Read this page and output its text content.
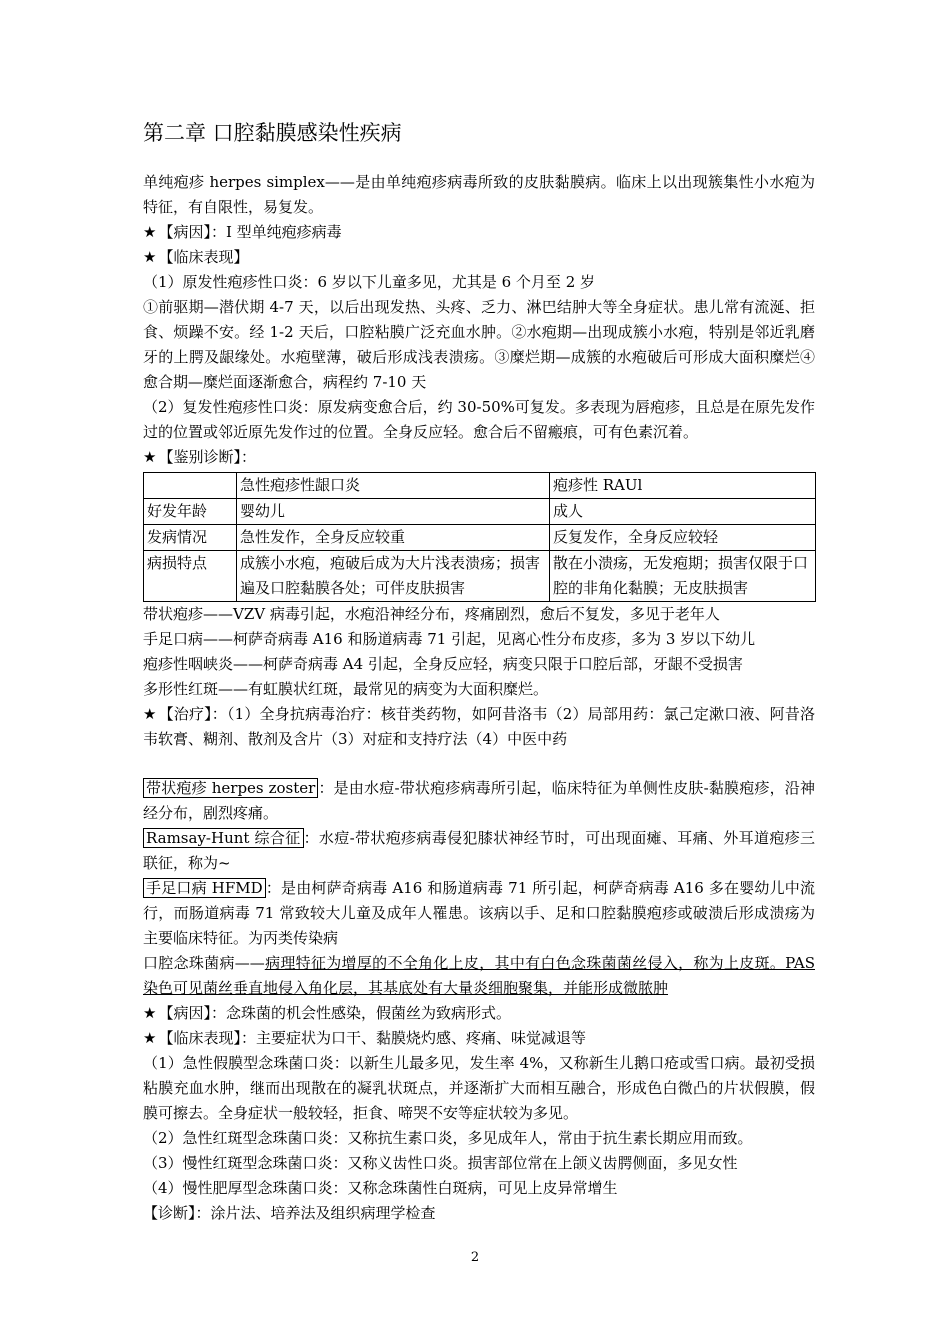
第二章 口腔黏膜感染性疾病

单纯疱疹 herpes simplex——是由单纯疱疹病毒所致的皮肤黏膜病。临床上以出现簇集性小水疱为特征，有自限性，易复发。

★ 【病因】：I 型单纯疱疹病毒

★ 【临床表现】

（1）原发性疱疹性口炎：6 岁以下儿童多见，尤其是 6 个月至 2 岁

①前驱期—潜伏期 4-7 天，以后出现发热、头疼、乏力、淋巴结肿大等全身症状。患儿常有流涎、拒食、烦躁不安。经 1-2 天后，口腔粘膜广泛充血水肿。②水疱期—出现成簇小水疱，特别是邻近乳磨牙的上腭及龈缘处。水疱壁薄，破后形成浅表溃疡。③糜烂期—成簇的水疱破后可形成大面积糜烂④愈合期—糜烂面逐渐愈合，病程约 7-10 天

（2）复发性疱疹性口炎：原发病变愈合后，约 30-50%可复发。多表现为唇疱疹，且总是在原先发作过的位置或邻近原先发作过的位置。全身反应轻。愈合后不留瘢痕，可有色素沉着。

★ 【鉴别诊断】：

	急性疱疹性龈口炎	疱疹性 RAUl
好发年龄	婴幼儿	成人
发病情况	急性发作，全身反应较重	反复发作，全身反应较轻
病损特点	成簇小水疱，疱破后成为大片浅表溃疡；损害遍及口腔黏膜各处；可伴皮肤损害	散在小溃疡，无发疱期；损害仅限于口腔的非角化黏膜；无皮肤损害

带状疱疹——VZV 病毒引起，水疱沿神经分布，疼痛剧烈，愈后不复发，多见于老年人

手足口病——柯萨奇病毒 A16 和肠道病毒 71 引起，见离心性分布皮疹，多为 3 岁以下幼儿

疱疹性咽峡炎——柯萨奇病毒 A4 引起，全身反应轻，病变只限于口腔后部，牙龈不受损害

多形性红斑——有虹膜状红斑，最常见的病变为大面积糜烂。

★ 【治疗】：（1）全身抗病毒治疗：核苷类药物，如阿昔洛韦（2）局部用药：氯己定漱口液、阿昔洛韦软膏、糊剂、散剂及含片（3）对症和支持疗法（4）中医中药

带状疱疹 herpes zoster ：是由水痘-带状疱疹病毒所引起，临床特征为单侧性皮肤-黏膜疱疹，沿神经分布，剧烈疼痛。

Ramsay-Hunt 综合征 ：水痘-带状疱疹病毒侵犯膝状神经节时，可出现面瘫、耳痛、外耳道疱疹三联征，称为~

手足口病 HFMD ：是由柯萨奇病毒 A16 和肠道病毒 71 所引起，柯萨奇病毒 A16 多在婴幼儿中流行，而肠道病毒 71 常致较大儿童及成年人罹患。该病以手、足和口腔黏膜疱疹或破溃后形成溃疡为主要临床特征。为丙类传染病

口腔念珠菌病——病理特征为增厚的不全角化上皮，其中有白色念珠菌菌丝侵入，称为上皮斑。PAS 染色可见菌丝垂直地侵入角化层，其基底处有大量炎细胞聚集，并能形成微脓肿

★ 【病因】：念珠菌的机会性感染，假菌丝为致病形式。

★ 【临床表现】：主要症状为口干、黏膜烧灼感、疼痛、味觉减退等

（1）急性假膜型念珠菌口炎：以新生儿最多见，发生率 4%，又称新生儿鹅口疮或雪口病。最初受损粘膜充血水肿，继而出现散在的凝乳状斑点，并逐渐扩大而相互融合，形成色白微凸的片状假膜，假膜可擦去。全身症状一般较轻，拒食、啼哭不安等症状较为多见。

（2）急性红斑型念珠菌口炎：又称抗生素口炎，多见成年人，常由于抗生素长期应用而致。

（3）慢性红斑型念珠菌口炎：又称义齿性口炎。损害部位常在上颌义齿腭侧面，多见女性

（4）慢性肥厚型念珠菌口炎：又称念珠菌性白斑病，可见上皮异常增生

【诊断】：涂片法、培养法及组织病理学检查

2
